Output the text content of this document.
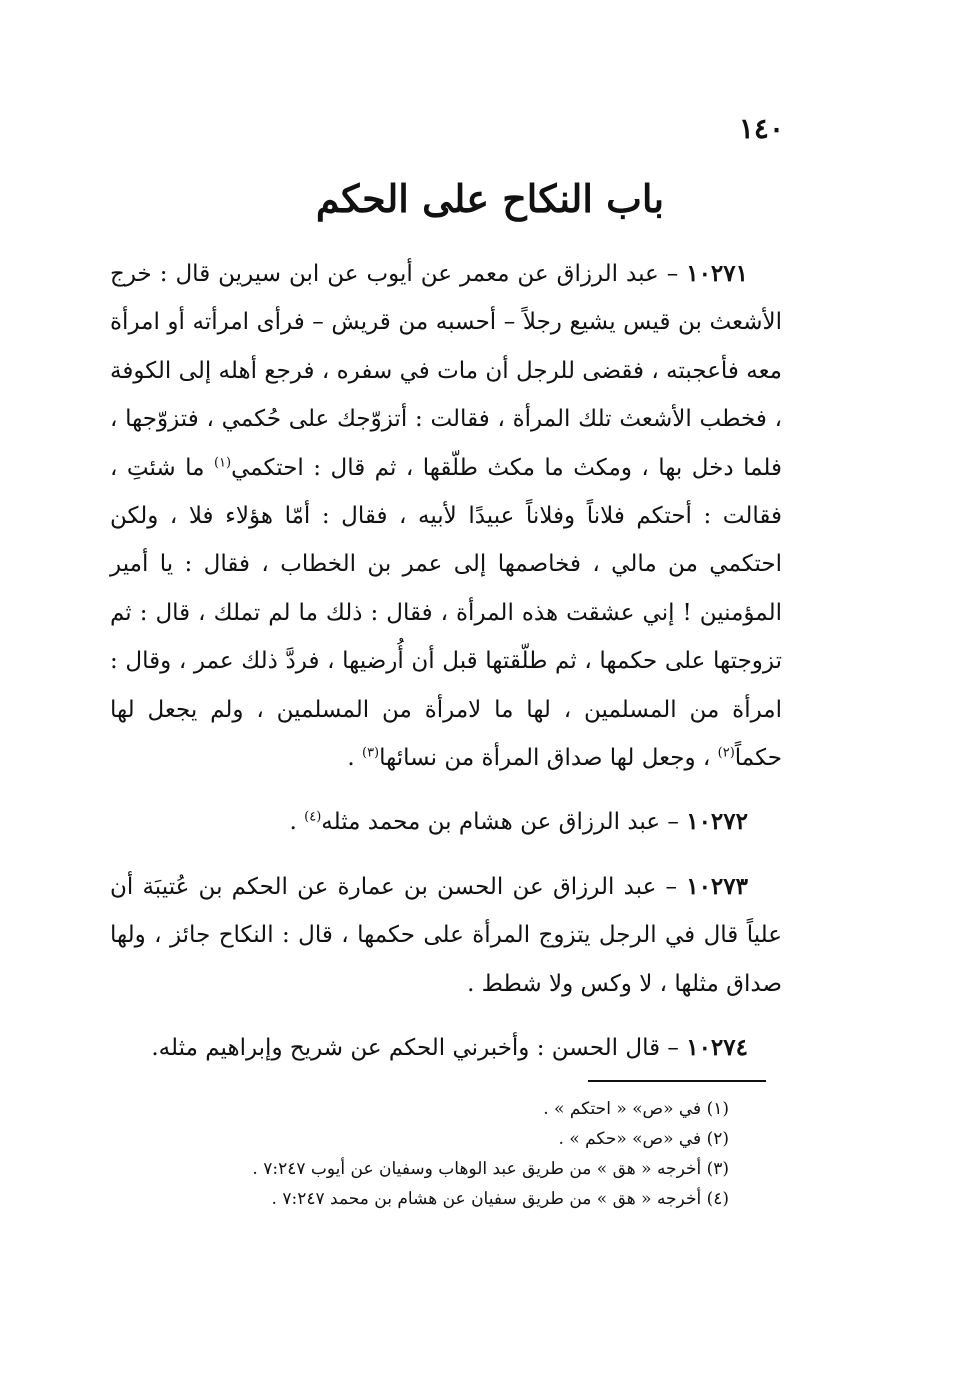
١٤٠
باب النكاح على الحكم

١٠٢٧١ – عبد الرزاق عن معمر عن أيوب عن ابن سيرين قال : خرج الأشعث بن قيس يشيع رجلاً – أحسبه من قريش – فرأى امرأته أو امرأة معه فأعجبته ، فقضى للرجل أن مات في سفره ، فرجع أهله إلى الكوفة ، فخطب الأشعث تلك المرأة ، فقالت : أتزوّجك على حُكمي ، فتزوّجها ، فلما دخل بها ، ومكث ما مكث طلّقها ، ثم قال : احتكمي$^{(١)}$ ما شئتِ ، فقالت : أحتكم فلاناً وفلاناً عبيدًا لأبيه ، فقال : أمّا هؤلاء فلا ، ولكن احتكمي من مالي ، فخاصمها إلى عمر بن الخطاب ، فقال : يا أمير المؤمنين ! إني عشقت هذه المرأة ، فقال : ذلك ما لم تملك ، قال : ثم تزوجتها على حكمها ، ثم طلّقتها قبل أن أُرضيها ، فردَّ ذلك عمر ، وقال : امرأة من المسلمين ، لها ما لامرأة من المسلمين ، ولم يجعل لها حكماً$^{(٢)}$ ، وجعل لها صداق المرأة من نسائها$^{(٣)}$ .

١٠٢٧٢ – عبد الرزاق عن هشام بن محمد مثله$^{(٤)}$ .

١٠٢٧٣ – عبد الرزاق عن الحسن بن عمارة عن الحكم بن عُتيبَة أن علياً قال في الرجل يتزوج المرأة على حكمها ، قال : النكاح جائز ، ولها صداق مثلها ، لا وكس ولا شطط .

١٠٢٧٤ – قال الحسن : وأخبرني الحكم عن شريح وإبراهيم مثله.

(١) في «ص» « احتكم » .
(٢) في «ص» «حكم » .
(٣) أخرجه « هق » من طريق عبد الوهاب وسفيان عن أيوب ٧:٢٤٧ .
(٤) أخرجه « هق » من طريق سفيان عن هشام بن محمد ٧:٢٤٧ .
